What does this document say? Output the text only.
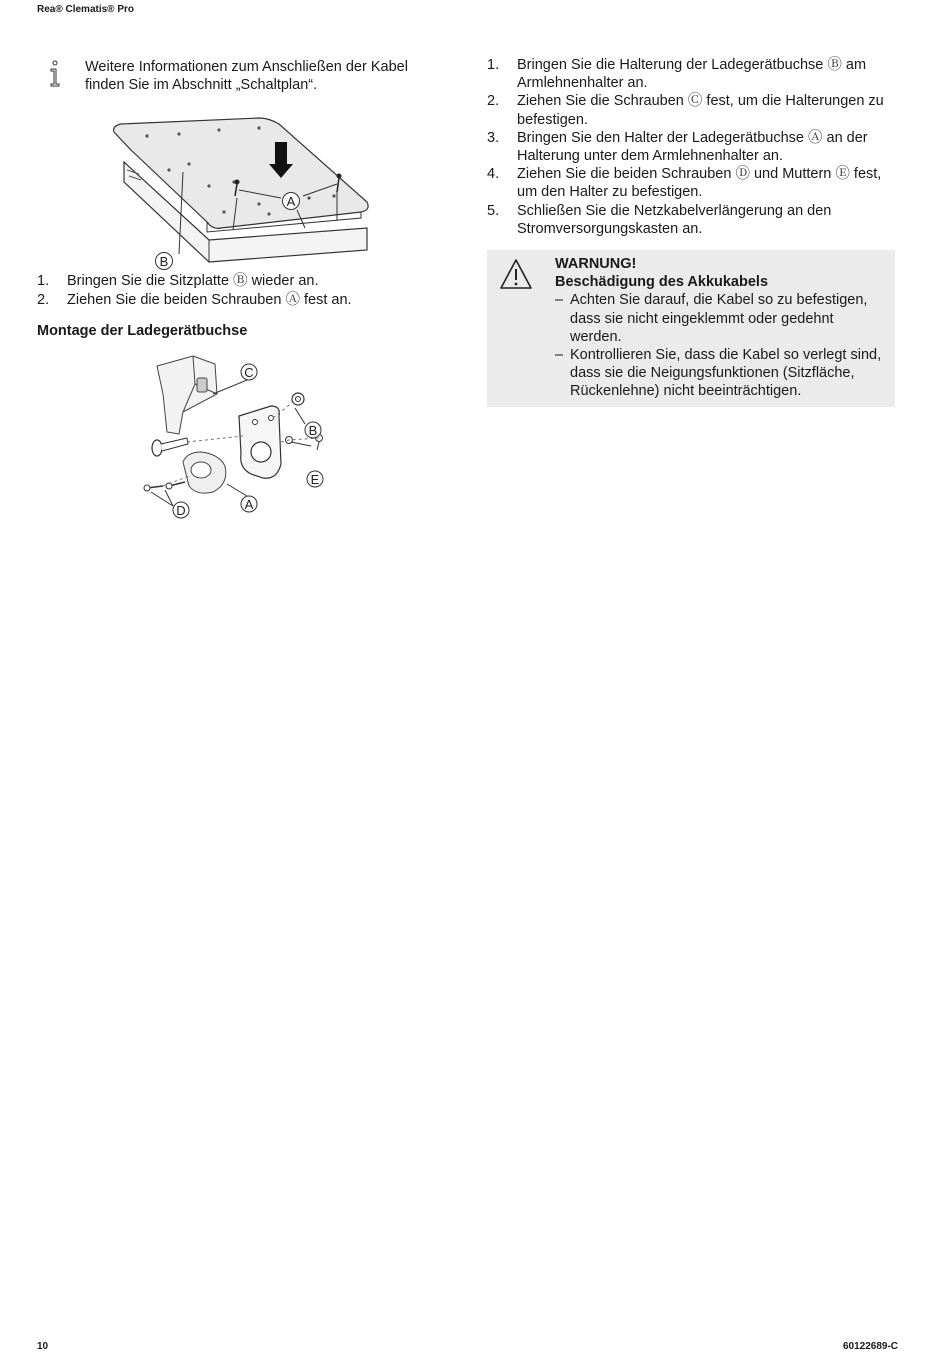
Rea® Clematis® Pro
Weitere Informationen zum Anschließen der Kabel finden Sie im Abschnitt „Schaltplan“.
A
B
1. Bringen Sie die Sitzplatte Ⓑ wieder an.
2. Ziehen Sie die beiden Schrauben Ⓐ fest an.
Montage der Ladegerätbuchse
C
B
E
A
D
1. Bringen Sie die Halterung der Ladegerätbuchse Ⓑ am Armlehnenhalter an.
2. Ziehen Sie die Schrauben Ⓒ fest, um die Halterungen zu befestigen.
3. Bringen Sie den Halter der Ladegerätbuchse Ⓐ an der Halterung unter dem Armlehnenhalter an.
4. Ziehen Sie die beiden Schrauben Ⓓ und Muttern Ⓔ fest, um den Halter zu befestigen.
5. Schließen Sie die Netzkabelverlängerung an den Stromversorgungskasten an.
WARNUNG!
Beschädigung des Akkukabels
– Achten Sie darauf, die Kabel so zu befestigen, dass sie nicht eingeklemmt oder gedehnt werden.
– Kontrollieren Sie, dass die Kabel so verlegt sind, dass sie die Neigungsfunktionen (Sitzfläche, Rückenlehne) nicht beeinträchtigen.
10	60122689-C
